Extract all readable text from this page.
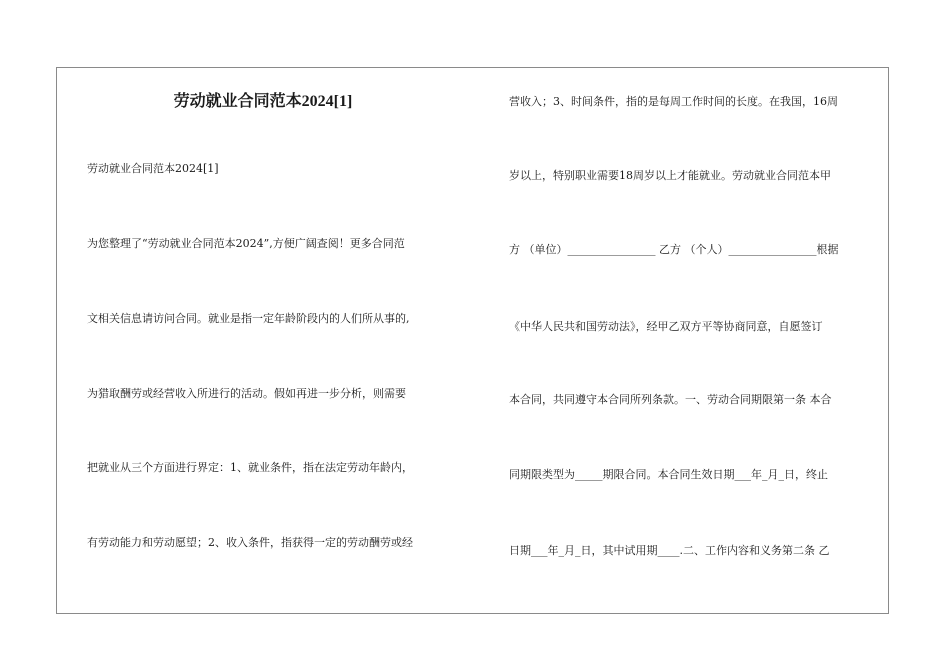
劳动就业合同范本2024[1]
劳动就业合同范本2024[1]
为您整理了“劳动就业合同范本2024”,方便广阔查阅！更多合同范
文相关信息请访问合同。就业是指一定年龄阶段内的人们所从事的,
为猎取酬劳或经营收入所进行的活动。假如再进一步分析，则需要
把就业从三个方面进行界定：1、就业条件，指在法定劳动年龄内，
有劳动能力和劳动愿望；2、收入条件，指获得一定的劳动酬劳或经
营收入；3、时间条件，指的是每周工作时间的长度。在我国，16周
岁以上，特别职业需要18周岁以上才能就业。劳动就业合同范本甲
方 （单位）________________ 乙方 （个人）________________根据
《中华人民共和国劳动法》，经甲乙双方平等协商同意，自愿签订
本合同，共同遵守本合同所列条款。一、劳动合同期限第一条 本合
同期限类型为_____期限合同。本合同生效日期___年_月_日，终止
日期___年_月_日，其中试用期____.二、工作内容和义务第二条 乙
